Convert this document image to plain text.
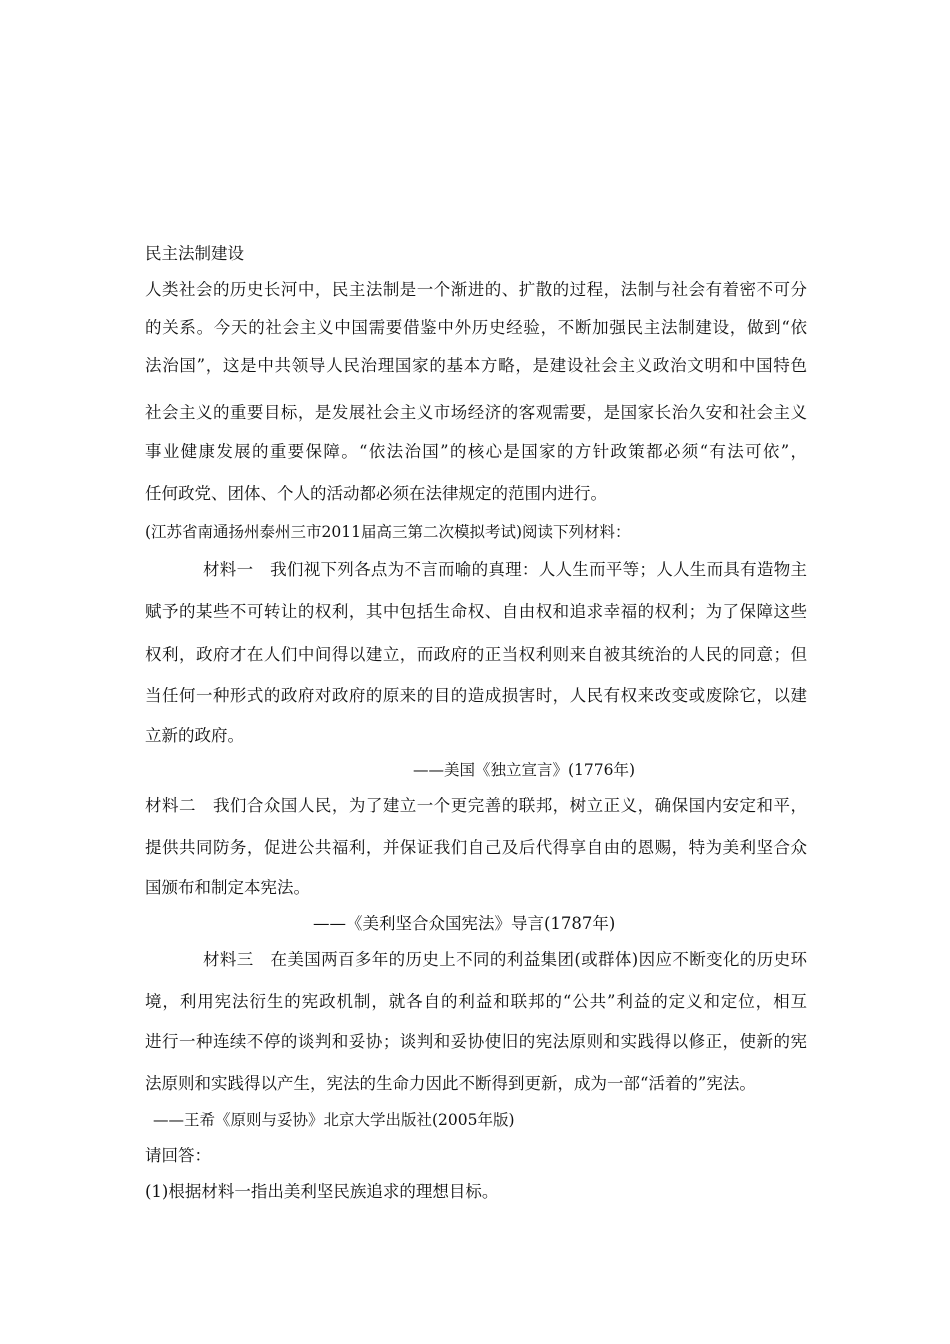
民主法制建设
人类社会的历史长河中，民主法制是一个渐进的、扩散的过程，法制与社会有着密不可分
的关系。今天的社会主义中国需要借鉴中外历史经验，不断加强民主法制建设，做到“依
法治国”，这是中共领导人民治理国家的基本方略，是建设社会主义政治文明和中国特色
社会主义的重要目标，是发展社会主义市场经济的客观需要，是国家长治久安和社会主义
事业健康发展的重要保障。“依法治国”的核心是国家的方针政策都必须“有法可依”，
任何政党、团体、个人的活动都必须在法律规定的范围内进行。
(江苏省南通扬州泰州三市2011届高三第二次模拟考试)阅读下列材料：
材料一　我们视下列各点为不言而喻的真理：人人生而平等；人人生而具有造物主
赋予的某些不可转让的权利，其中包括生命权、自由权和追求幸福的权利；为了保障这些
权利，政府才在人们中间得以建立，而政府的正当权利则来自被其统治的人民的同意；但
当任何一种形式的政府对政府的原来的目的造成损害时，人民有权来改变或废除它，以建
立新的政府。
——美国《独立宣言》(1776年)
材料二　我们合众国人民，为了建立一个更完善的联邦，树立正义，确保国内安定和平，
提供共同防务，促进公共福利，并保证我们自己及后代得享自由的恩赐，特为美利坚合众
国颁布和制定本宪法。
——《美利坚合众国宪法》导言(1787年)
材料三　在美国两百多年的历史上不同的利益集团(或群体)因应不断变化的历史环
境，利用宪法衍生的宪政机制，就各自的利益和联邦的“公共”利益的定义和定位，相互
进行一种连续不停的谈判和妥协；谈判和妥协使旧的宪法原则和实践得以修正，使新的宪
法原则和实践得以产生，宪法的生命力因此不断得到更新，成为一部“活着的”宪法。
——王希《原则与妥协》北京大学出版社(2005年版)
请回答：
(1)根据材料一指出美利坚民族追求的理想目标。
